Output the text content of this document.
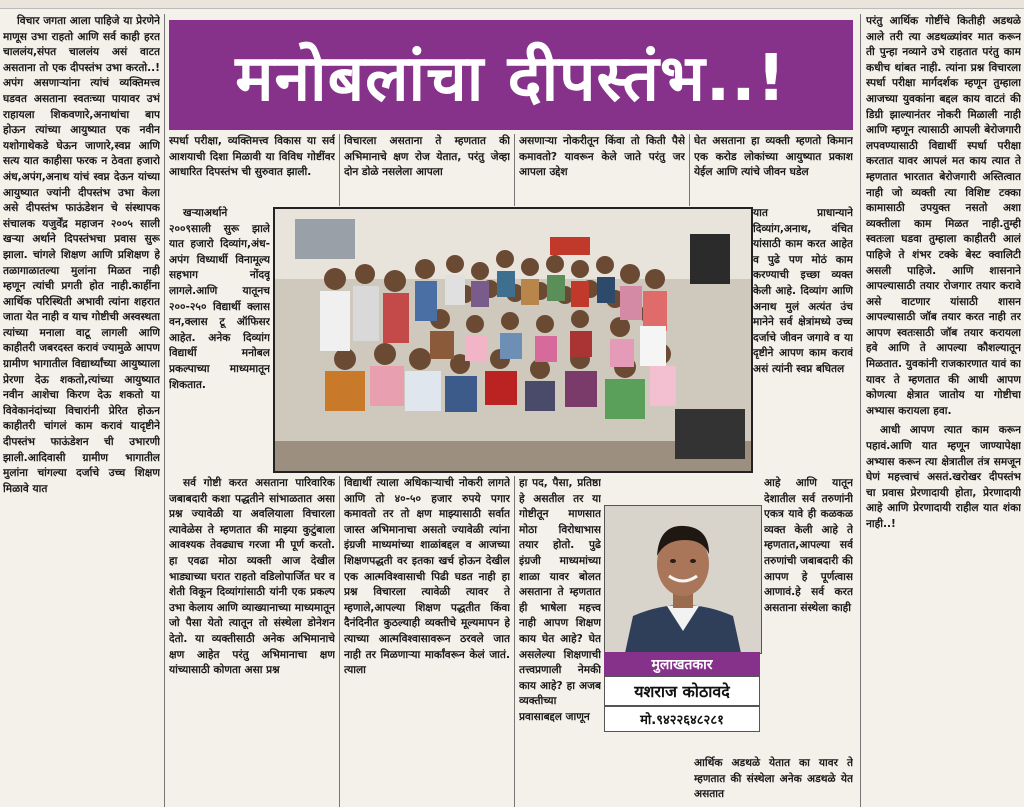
विचार जगता आला पाहिजे या प्रेरणेने माणूस उभा राहतो आणि सर्व काही हरत चाललंय,संपत चाललंय असं वाटत असताना तो एक दीपस्तंभ उभा करतो..!अपंग असणाऱ्यांना त्यांचं व्यक्तिमत्त्व घडवत असताना स्वतःच्या पायावर उभं राहायला शिकवणारे,अनाथांचा बाप होऊन त्यांच्या आयुष्यात एक नवीन यशोगाथेकडे घेऊन जाणारे,स्वप्न आणि सत्य यात काहीसा फरक न ठेवता हजारो अंध,अपंग,अनाथ यांचं स्वप्न देऊन यांच्या आयुष्यात ज्यांनी दीपस्तंभ उभा केला असे दीपस्तंभ फाऊंडेशन चे संस्थापक संचालक यजुर्वेंद्र महाजन २००५ साली खऱ्या अर्थाने दिपस्तंभचा प्रवास सुरू झाला. चांगले शिक्षण आणि प्रशिक्षण हे तळागाळातल्या मुलांना मिळत नाही म्हणून त्यांची प्रगती होत नाही.काहींना आर्थिक परिस्थिती अभावी त्यांना शहरात जाता येत नाही व याच गोष्टीची अस्वस्थता त्यांच्या मनाला वाटू लागली आणि काहीतरी जबरदस्त करावं ज्यामुळे आपण ग्रामीण भागातील विद्यार्थ्यांच्या आयुष्याला प्रेरणा देऊ शकतो,त्यांच्या आयुष्यात नवीन आशेचा किरण देऊ शकतो या विवेकानंदांच्या विचारांनी प्रेरित होऊन काहीतरी चांगलं काम करावं यादृष्टीने दीपस्तंभ फाऊंडेशन ची उभारणी झाली.आदिवासी ग्रामीण भागातील मुलांना चांगल्या दर्जाचे उच्च शिक्षण मिळावे यात

मनोबलांचा दीपस्तंभ..!

स्पर्धा परीक्षा, व्यक्तिमत्त्व विकास या सर्व आशयाची दिशा मिळावी या विविध गोष्टींवर आधारित दिपस्तंभ ची सुरुवात झाली.

खऱ्याअर्थाने २००९साली सुरू झाले यात हजारो दिव्यांग,अंध-अपंग विध्यार्थी विनामूल्य सहभाग नोंदवू लागले.आणि यातूनच २००-२५० विद्यार्थी क्लास वन,क्लास टू ऑफिसर आहेत. अनेक दिव्यांग विद्यार्थी मनोबल प्रकल्पाच्या माध्यमातून शिकतात.

सर्व गोष्टी करत असताना पारिवारिक जबाबदारी कशा पद्धतीने सांभाळतात असा प्रश्न ज्यावेळी या अवलियाला विचारला त्यावेळेस ते म्हणतात की माझ्या कुटुंबाला आवश्यक तेवढ्याच गरजा मी पूर्ण करतो. हा एवढा मोठा व्यक्ती आज देखील भाड्याच्या घरात राहतो वडिलोपार्जित घर व शेती विकून दिव्यांगांसाठी यांनी एक प्रकल्प उभा केलाय आणि व्याख्यानाच्या माध्यमातून जो पैसा येतो त्यातून तो संस्थेला डोनेशन देतो. या व्यक्तीसाठी अनेक अभिमानाचे क्षण आहेत परंतु अभिमानाचा क्षण यांच्यासाठी कोणता असा प्रश्न

विचारला असताना ते म्हणतात की अभिमानाचे क्षण रोज येतात, परंतु जेव्हा दोन डोळे नसलेला आपला

विद्यार्थी त्याला अधिकाऱ्याची नोकरी लागते आणि तो ४०-५० हजार रुपये पगार कमावतो तर तो क्षण माझ्यासाठी सर्वात जास्त अभिमानाचा असतो ज्यावेळी त्यांना इंग्रजी माध्यमांच्या शाळांबद्दल व आजच्या शिक्षणपद्धती वर इतका खर्च होऊन देखील एक आत्मविश्वासाची पिढी घडत नाही हा प्रश्न विचारला त्यावेळी त्यावर ते म्हणाले,आपल्या शिक्षण पद्धतीत किंवा दैनंदिनीत कुठल्याही व्यक्तीचे मूल्यमापन हे त्याच्या आत्मविश्वासावरून ठरवले जात नाही तर मिळणाऱ्या मार्कांवरून केलं जातं. त्याला

असणाऱ्या नोकरीतून किंवा तो किती पैसे कमावतो? यावरून केले जाते परंतु जर आपला उद्देश

हा पद, पैसा, प्रतिष्ठा हे असतील तर या गोष्टीतून माणसात मोठा विरोधाभास तयार होतो. पुढे इंग्रजी माध्यमांच्या शाळा यावर बोलत असताना ते म्हणतात ही भाषेला महत्त्व नाही आपण शिक्षण काय घेत आहे? घेत असलेल्या शिक्षणाची तत्त्वप्रणाली नेमकी काय आहे? हा अजब व्यक्तीच्या प्रवासाबद्दल जाणून

घेत असताना हा व्यक्ती म्हणतो किमान एक करोड लोकांच्या आयुष्यात प्रकाश येईल आणि त्यांचे जीवन घडेल

यात प्राधान्याने दिव्यांग,अनाथ, वंचित यांसाठी काम करत आहेत व पुढे पण मोठं काम करण्याची इच्छा व्यक्त केली आहे. दिव्यांग आणि अनाथ मुलं अत्यंत उंच मानेने सर्व क्षेत्रांमध्ये उच्च दर्जाचे जीवन जगावे व या दृष्टीने आपण काम करावं असं त्यांनी स्वप्न बघितल

आहे आणि यातून देशातील सर्व तरुणांनी एकत्र यावे ही कळकळ व्यक्त केली आहे ते म्हणतात,आपल्या सर्व तरुणांची जबाबदारी की आपण हे पूर्णत्वास आणावं.हे सर्व करत असताना संस्थेला काही

आर्थिक अडथळे येतात का यावर ते म्हणतात की संस्थेला अनेक अडथळे येत असतात

परंतु आर्थिक गोष्टींचे कितीही अडथळे आले तरी त्या अडथळ्यांवर मात करून ती पुन्हा नव्याने उभे राहतात परंतु काम कधीच थांबत नाही. त्यांना प्रश्न विचारला स्पर्धा परीक्षा मार्गदर्शक म्हणून तुम्हाला आजच्या युवकांना बद्दल काय वाटतं की डिग्री झाल्यानंतर नोकरी मिळाली नाही आणि म्हणून त्यासाठी आपली बेरोजगारी लपवण्यासाठी विद्यार्थी स्पर्धा परीक्षा करतात यावर आपलं मत काय त्यात ते म्हणतात भारतात बेरोजगारी अस्तित्वात नाही जो व्यक्ती त्या विशिष्ट टक्का कामासाठी उपयुक्त नसतो अशा व्यक्तीला काम मिळत नाही.तुम्ही स्वतःला घडवा तुम्हाला काहीतरी आलं पाहिजे ते शंभर टक्के बेस्ट क्वालिटी असली पाहिजे. आणि शासनाने आपल्यासाठी तयार रोजगार तयार करावे असे वाटणार यांसाठी शासन आपल्यासाठी जॉब तयार करत नाही तर आपण स्वतःसाठी जॉब तयार करायला हवे आणि ते आपल्या कौशल्यातून मिळतात. युवकांनी राजकारणात यावं का यावर ते म्हणतात की आधी आपण कोणत्या क्षेत्रात जातोय या गोष्टीचा अभ्यास करायला हवा.

आधी आपण त्यात काम करून पहावं.आणि यात म्हणून जाण्यापेक्षा अभ्यास करून त्या क्षेत्रातील तंत्र समजून घेणं महत्त्वाचं असतं.खरोखर दीपस्तंभ चा प्रवास प्रेरणादायी होता, प्रेरणादायी आहे आणि प्रेरणादायी राहील यात शंका नाही..!

मुलाखतकार
यशराज कोठावदे
मो.९४२२६४८२८१
